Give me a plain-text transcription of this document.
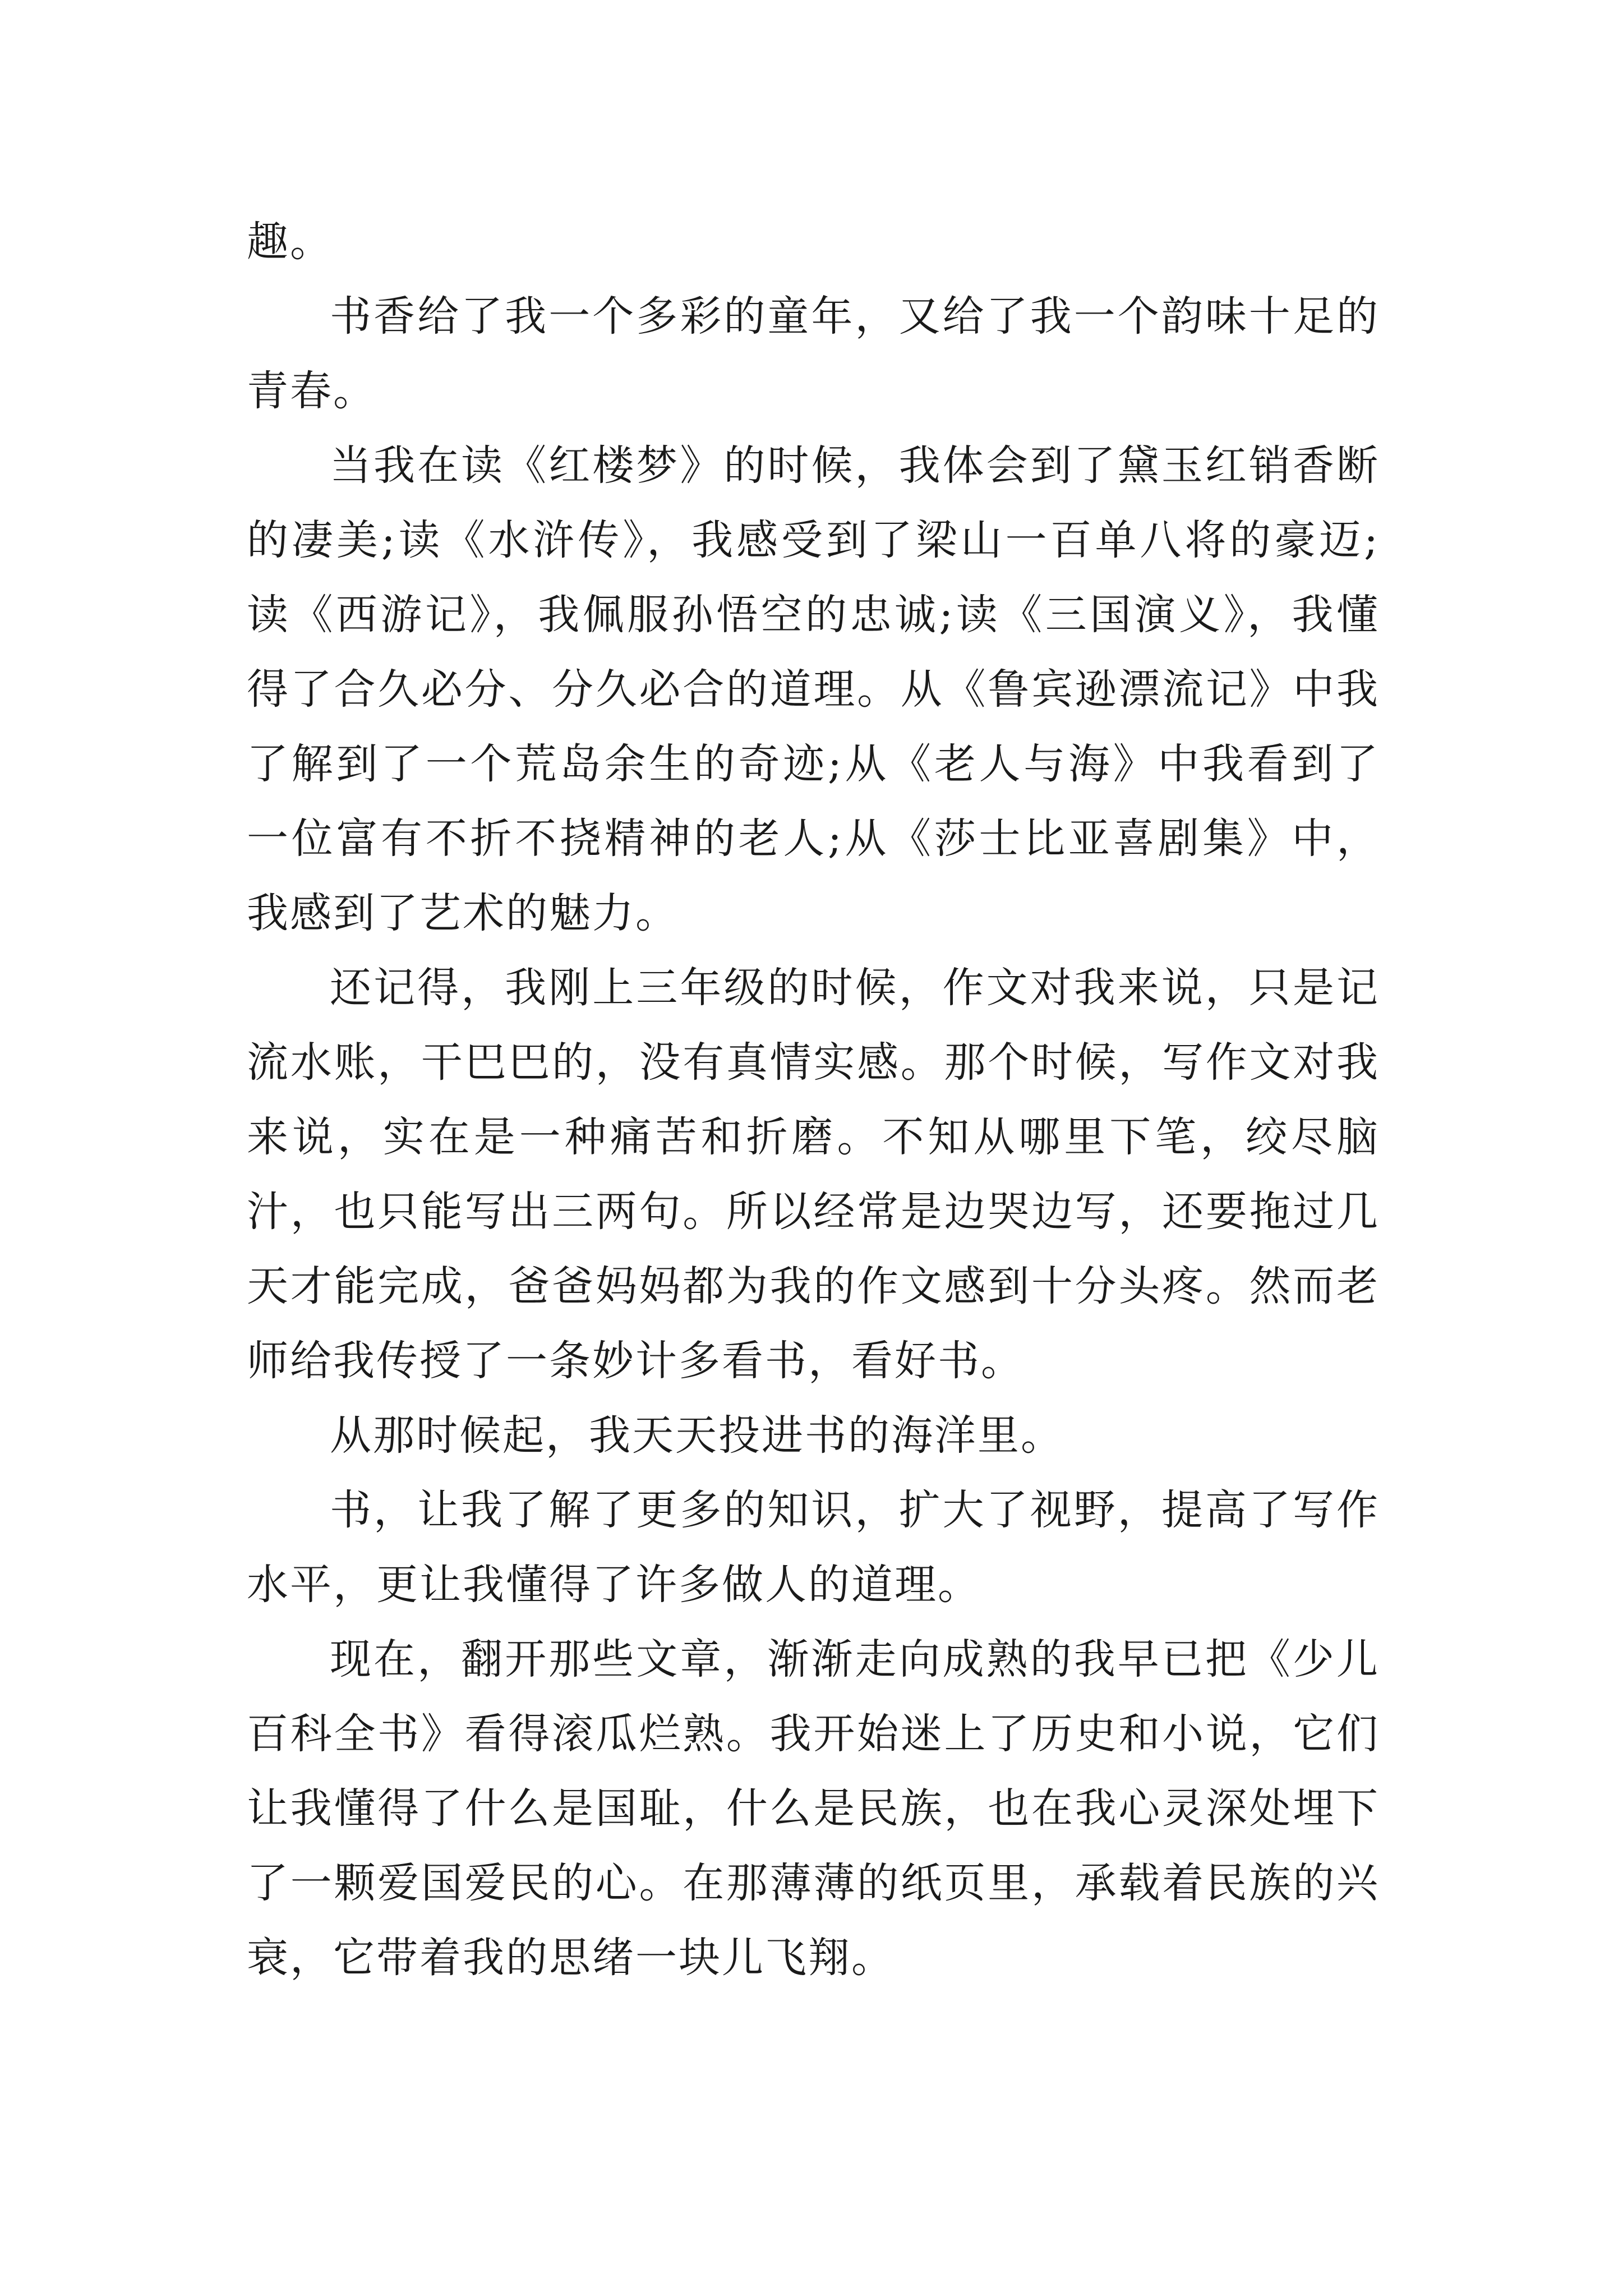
趣。

书香给了我一个多彩的童年，又给了我一个韵味十足的青春。

当我在读《红楼梦》的时候，我体会到了黛玉红销香断的凄美;读《水浒传》，我感受到了梁山一百单八将的豪迈;读《西游记》，我佩服孙悟空的忠诚;读《三国演义》，我懂得了合久必分、分久必合的道理。从《鲁宾逊漂流记》中我了解到了一个荒岛余生的奇迹;从《老人与海》中我看到了一位富有不折不挠精神的老人;从《莎士比亚喜剧集》中，我感到了艺术的魅力。

还记得，我刚上三年级的时候，作文对我来说，只是记流水账，干巴巴的，没有真情实感。那个时候，写作文对我来说，实在是一种痛苦和折磨。不知从哪里下笔，绞尽脑汁，也只能写出三两句。所以经常是边哭边写，还要拖过几天才能完成，爸爸妈妈都为我的作文感到十分头疼。然而老师给我传授了一条妙计多看书，看好书。

从那时候起，我天天投进书的海洋里。

书，让我了解了更多的知识，扩大了视野，提高了写作水平，更让我懂得了许多做人的道理。

现在，翻开那些文章，渐渐走向成熟的我早已把《少儿百科全书》看得滚瓜烂熟。我开始迷上了历史和小说，它们让我懂得了什么是国耻，什么是民族，也在我心灵深处埋下了一颗爱国爱民的心。在那薄薄的纸页里，承载着民族的兴衰，它带着我的思绪一块儿飞翔。
